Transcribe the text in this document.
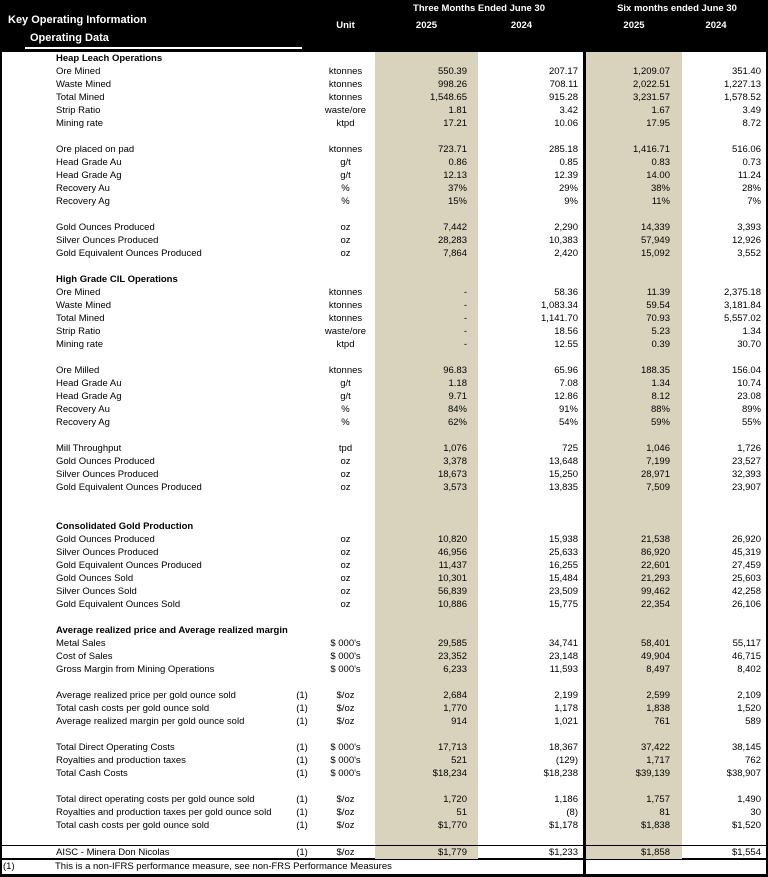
Key Operating Information
Three Months Ended June 30	Six months ended June 30
Unit	2025	2024	2025	2024
Operating Data
Heap Leach Operations
Ore Mined	ktonnes	550.39	207.17	1,209.07	351.40
Waste Mined	ktonnes	998.26	708.11	2,022.51	1,227.13
Total Mined	ktonnes	1,548.65	915.28	3,231.57	1,578.52
Strip Ratio	waste/ore	1.81	3.42	1.67	3.49
Mining rate	ktpd	17.21	10.06	17.95	8.72
Ore placed on pad	ktonnes	723.71	285.18	1,416.71	516.06
Head Grade Au	g/t	0.86	0.85	0.83	0.73
Head Grade Ag	g/t	12.13	12.39	14.00	11.24
Recovery Au	%	37%	29%	38%	28%
Recovery Ag	%	15%	9%	11%	7%
Gold Ounces Produced	oz	7,442	2,290	14,339	3,393
Silver Ounces Produced	oz	28,283	10,383	57,949	12,926
Gold Equivalent Ounces Produced	oz	7,864	2,420	15,092	3,552
High Grade CIL Operations
Ore Mined	ktonnes	-	58.36	11.39	2,375.18
Waste Mined	ktonnes	-	1,083.34	59.54	3,181.84
Total Mined	ktonnes	-	1,141.70	70.93	5,557.02
Strip Ratio	waste/ore	-	18.56	5.23	1.34
Mining rate	ktpd	-	12.55	0.39	30.70
Ore Milled	ktonnes	96.83	65.96	188.35	156.04
Head Grade Au	g/t	1.18	7.08	1.34	10.74
Head Grade Ag	g/t	9.71	12.86	8.12	23.08
Recovery Au	%	84%	91%	88%	89%
Recovery Ag	%	62%	54%	59%	55%
Mill Throughput	tpd	1,076	725	1,046	1,726
Gold Ounces Produced	oz	3,378	13,648	7,199	23,527
Silver Ounces Produced	oz	18,673	15,250	28,971	32,393
Gold Equivalent Ounces Produced	oz	3,573	13,835	7,509	23,907
Consolidated Gold Production
Gold Ounces Produced	oz	10,820	15,938	21,538	26,920
Silver Ounces Produced	oz	46,956	25,633	86,920	45,319
Gold Equivalent Ounces Produced	oz	11,437	16,255	22,601	27,459
Gold Ounces Sold	oz	10,301	15,484	21,293	25,603
Silver Ounces Sold	oz	56,839	23,509	99,462	42,258
Gold Equivalent Ounces Sold	oz	10,886	15,775	22,354	26,106
Average realized price and Average realized margin
Metal Sales	$ 000's	29,585	34,741	58,401	55,117
Cost of Sales	$ 000's	23,352	23,148	49,904	46,715
Gross Margin from Mining Operations	$ 000's	6,233	11,593	8,497	8,402
Average realized price per gold ounce sold	(1)	$/oz	2,684	2,199	2,599	2,109
Total cash costs per gold ounce sold	(1)	$/oz	1,770	1,178	1,838	1,520
Average realized margin per gold ounce sold	(1)	$/oz	914	1,021	761	589
Total Direct Operating Costs	(1)	$ 000's	17,713	18,367	37,422	38,145
Royalties and production taxes	(1)	$ 000's	521	(129)	1,717	762
Total Cash Costs	(1)	$ 000's	$18,234	$18,238	$39,139	$38,907
Total direct operating costs per gold ounce sold	(1)	$/oz	1,720	1,186	1,757	1,490
Royalties and production taxes per gold ounce sold	(1)	$/oz	51	(8)	81	30
Total cash costs per gold ounce sold	(1)	$/oz	$1,770	$1,178	$1,838	$1,520
AISC - Minera Don Nicolas	(1)	$/oz	$1,779	$1,233	$1,858	$1,554
(1)	This is a non-IFRS performance measure, see non-FRS Performance Measures
